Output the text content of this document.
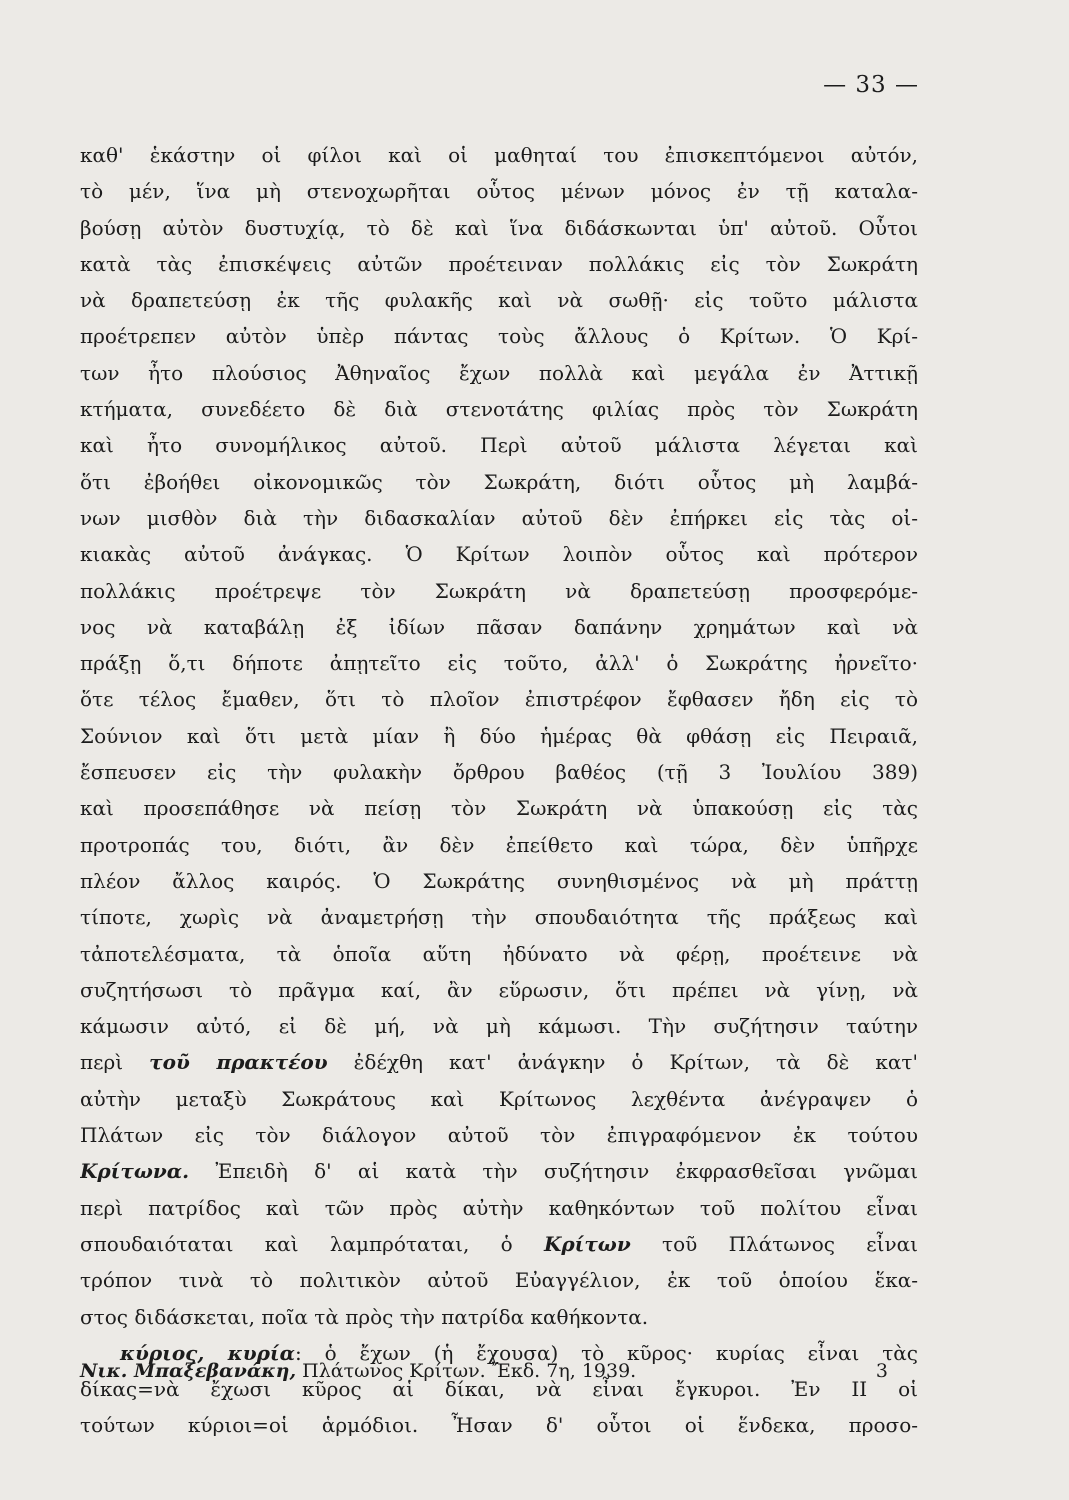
— 33 —
καθ' ἑκάστην οἱ φίλοι καὶ οἱ μαθηταί του ἐπισκεπτόμενοι αὐτόν,
τὸ μέν, ἵνα μὴ στενοχωρῆται οὗτος μένων μόνος ἐν τῇ καταλα-
βούσῃ αὐτὸν δυστυχίᾳ, τὸ δὲ καὶ ἵνα διδάσκωνται ὑπ' αὐτοῦ. Οὗτοι
κατὰ τὰς ἐπισκέψεις αὐτῶν προέτειναν πολλάκις εἰς τὸν Σωκράτη
νὰ δραπετεύσῃ ἐκ τῆς φυλακῆς καὶ νὰ σωθῇ· εἰς τοῦτο μάλιστα
προέτρεπεν αὐτὸν ὑπὲρ πάντας τοὺς ἄλλους ὁ Κρίτων. Ὁ Κρί-
των ἦτο πλούσιος Ἀθηναῖος ἔχων πολλὰ καὶ μεγάλα ἐν Ἀττικῇ
κτήματα, συνεδέετο δὲ διὰ στενοτάτης φιλίας πρὸς τὸν Σωκράτη
καὶ ἦτο συνομήλικος αὐτοῦ. Περὶ αὐτοῦ μάλιστα λέγεται καὶ
ὅτι ἐβοήθει οἰκονομικῶς τὸν Σωκράτη, διότι οὗτος μὴ λαμβά-
νων μισθὸν διὰ τὴν διδασκαλίαν αὐτοῦ δὲν ἐπήρκει εἰς τὰς οἰ-
κιακὰς αὐτοῦ ἀνάγκας. Ὁ Κρίτων λοιπὸν οὗτος καὶ πρότερον
πολλάκις προέτρεψε τὸν Σωκράτη νὰ δραπετεύσῃ προσφερόμε-
νος νὰ καταβάλῃ ἐξ ἰδίων πᾶσαν δαπάνην χρημάτων καὶ νὰ
πράξῃ ὅ,τι δήποτε ἀπῃτεῖτο εἰς τοῦτο, ἀλλ' ὁ Σωκράτης ἠρνεῖτο·
ὅτε τέλος ἔμαθεν, ὅτι τὸ πλοῖον ἐπιστρέφον ἔφθασεν ἤδη εἰς τὸ
Σούνιον καὶ ὅτι μετὰ μίαν ἢ δύο ἡμέρας θὰ φθάσῃ εἰς Πειραιᾶ,
ἔσπευσεν εἰς τὴν φυλακὴν ὄρθρου βαθέος (τῇ 3 Ἰουλίου 389)
καὶ προσεπάθησε νὰ πείσῃ τὸν Σωκράτη νὰ ὑπακούσῃ εἰς τὰς
προτροπάς του, διότι, ἂν δὲν ἐπείθετο καὶ τώρα, δὲν ὑπῆρχε
πλέον ἄλλος καιρός. Ὁ Σωκράτης συνηθισμένος νὰ μὴ πράττῃ
τίποτε, χωρὶς νὰ ἀναμετρήσῃ τὴν σπουδαιότητα τῆς πράξεως καὶ
τἀποτελέσματα, τὰ ὁποῖα αὕτη ἠδύνατο νὰ φέρῃ, προέτεινε νὰ
συζητήσωσι τὸ πρᾶγμα καί, ἂν εὕρωσιν, ὅτι πρέπει νὰ γίνῃ, νὰ
κάμωσιν αὐτό, εἰ δὲ μή, νὰ μὴ κάμωσι. Τὴν συζήτησιν ταύτην
περὶ τοῦ πρακτέου ἐδέχθη κατ' ἀνάγκην ὁ Κρίτων, τὰ δὲ κατ'
αὐτὴν μεταξὺ Σωκράτους καὶ Κρίτωνος λεχθέντα ἀνέγραψεν ὁ
Πλάτων εἰς τὸν διάλογον αὐτοῦ τὸν ἐπιγραφόμενον ἐκ τούτου
Κρίτωνα. Ἐπειδὴ δ' αἱ κατὰ τὴν συζήτησιν ἐκφρασθεῖσαι γνῶμαι
περὶ πατρίδος καὶ τῶν πρὸς αὐτὴν καθηκόντων τοῦ πολίτου εἶναι
σπουδαιόταται καὶ λαμπρόταται, ὁ Κρίτων τοῦ Πλάτωνος εἶναι
τρόπον τινὰ τὸ πολιτικὸν αὐτοῦ Εὐαγγέλιον, ἐκ τοῦ ὁποίου ἕκα-
στος διδάσκεται, ποῖα τὰ πρὸς τὴν πατρίδα καθήκοντα.
κύριος, κυρία: ὁ ἔχων (ἡ ἔχουσα) τὸ κῦρος· κυρίας εἶναι τὰς
δίκας=νὰ ἔχωσι κῦρος αἱ δίκαι, νὰ εἶναι ἔγκυροι. Ἐν ΙΙ οἱ
τούτων κύριοι=οἱ ἁρμόδιοι. Ἦσαν δ' οὗτοι οἱ ἕνδεκα, προσο-
Νικ. Μπαξεβανάκη, Πλάτωνος Κρίτων. Ἔκδ. 7η, 1939.	3
